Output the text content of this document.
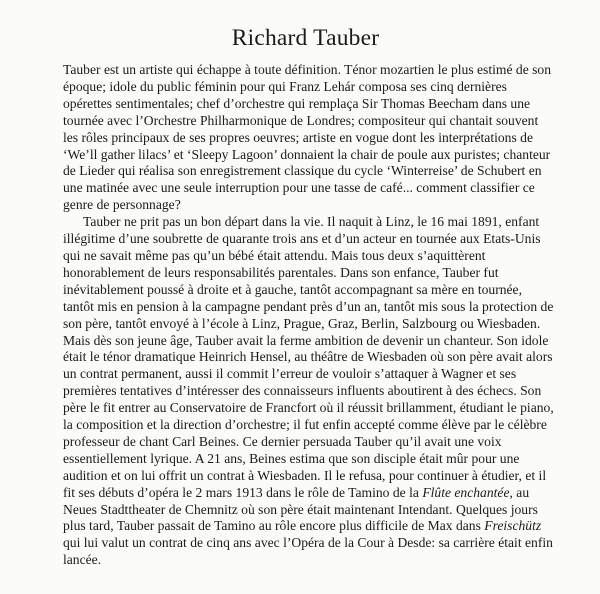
Richard Tauber

Tauber est un artiste qui échappe à toute définition. Ténor mozartien le plus estimé de son époque; idole du public féminin pour qui Franz Lehár composa ses cinq dernières opérettes sentimentales; chef d’orchestre qui remplaça Sir Thomas Beecham dans une tournée avec l’Orchestre Philharmonique de Londres; compositeur qui chantait souvent les rôles principaux de ses propres oeuvres; artiste en vogue dont les interprétations de ‘We’ll gather lilacs’ et ‘Sleepy Lagoon’ donnaient la chair de poule aux puristes; chanteur de Lieder qui réalisa son enregistrement classique du cycle ‘Winterreise’ de Schubert en une matinée avec une seule interruption pour une tasse de café... comment classifier ce genre de personnage?

Tauber ne prit pas un bon départ dans la vie. Il naquit à Linz, le 16 mai 1891, enfant illégitime d’une soubrette de quarante trois ans et d’un acteur en tournée aux Etats-Unis qui ne savait même pas qu’un bébé était attendu. Mais tous deux s’aquittèrent honorablement de leurs responsabilités parentales. Dans son enfance, Tauber fut inévitablement poussé à droite et à gauche, tantôt accompagnant sa mère en tournée, tantôt mis en pension à la campagne pendant près d’un an, tantôt mis sous la protection de son père, tantôt envoyé à l’école à Linz, Prague, Graz, Berlin, Salzbourg ou Wiesbaden. Mais dès son jeune âge, Tauber avait la ferme ambition de devenir un chanteur. Son idole était le ténor dramatique Heinrich Hensel, au théâtre de Wiesbaden où son père avait alors un contrat permanent, aussi il commit l’erreur de vouloir s’attaquer à Wagner et ses premières tentatives d’intéresser des connaisseurs influents aboutirent à des échecs. Son père le fit entrer au Conservatoire de Francfort où il réussit brillamment, étudiant le piano, la composition et la direction d’orchestre; il fut enfin accepté comme élève par le célèbre professeur de chant Carl Beines. Ce dernier persuada Tauber qu’il avait une voix essentiellement lyrique. A 21 ans, Beines estima que son disciple était mûr pour une audition et on lui offrit un contrat à Wiesbaden. Il le refusa, pour continuer à étudier, et il fit ses débuts d’opéra le 2 mars 1913 dans le rôle de Tamino de la Flûte enchantée, au Neues Stadttheater de Chemnitz où son père était maintenant Intendant. Quelques jours plus tard, Tauber passait de Tamino au rôle encore plus difficile de Max dans Freischütz qui lui valut un contrat de cinq ans avec l’Opéra de la Cour à Desde: sa carrière était enfin lancée.
